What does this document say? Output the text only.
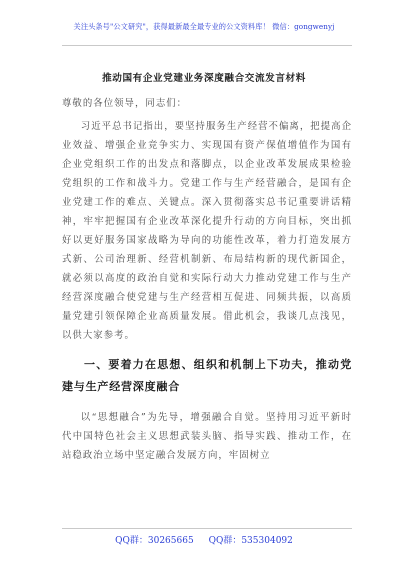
关注头条号"公文研究"，获得最新最全最专业的公文资料库！ 微信：gongwenyj
推动国有企业党建业务深度融合交流发言材料

尊敬的各位领导，同志们：

习近平总书记指出，要坚持服务生产经营不偏离，把提高企业效益、增强企业竞争实力、实现国有资产保值增值作为国有企业党组织工作的出发点和落脚点，以企业改革发展成果检验党组织的工作和战斗力。党建工作与生产经营融合，是国有企业党建工作的难点、关键点。深入贯彻落实总书记重要讲话精神，牢牢把握国有企业改革深化提升行动的方向目标，突出抓好以更好服务国家战略为导向的功能性改革，着力打造发展方式新、公司治理新、经营机制新、布局结构新的现代新国企，就必须以高度的政治自觉和实际行动大力推动党建工作与生产经营深度融合使党建与生产经营相互促进、同频共振，以高质量党建引领保障企业高质量发展。借此机会，我谈几点浅见，以供大家参考。

一、要着力在思想、组织和机制上下功夫，推动党建与生产经营深度融合

以“思想融合”为先导，增强融合自觉。坚持用习近平新时代中国特色社会主义思想武装头脑、指导实践、推动工作，在站稳政治立场中坚定融合发展方向，牢固树立

QQ群：30265665 QQ群：535304092
